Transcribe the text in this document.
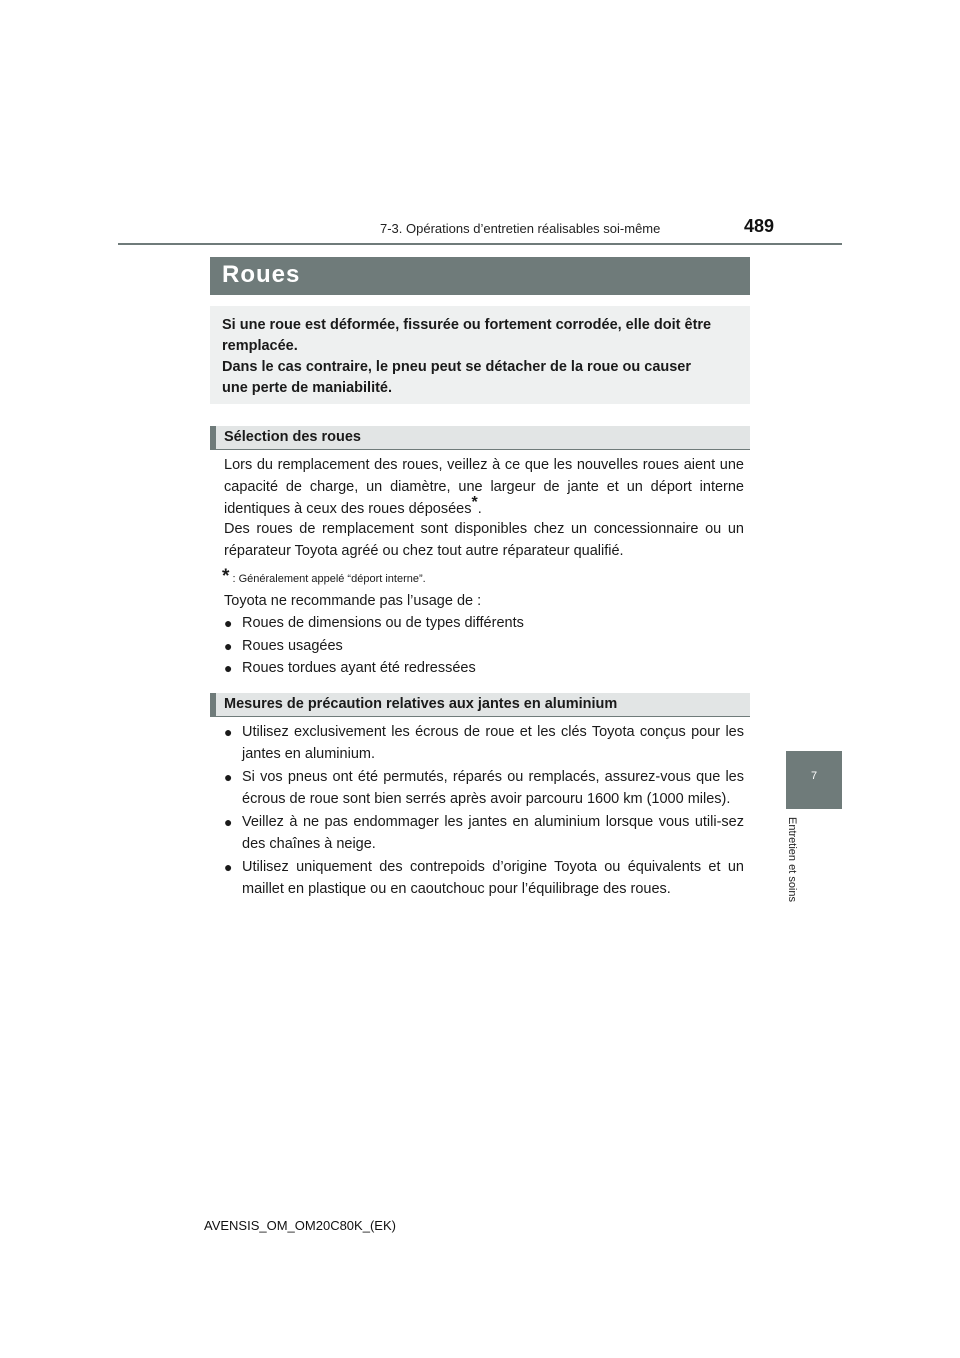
7-3. Opérations d’entretien réalisables soi-même	489
Roues
Si une roue est déformée, fissurée ou fortement corrodée, elle doit être
remplacée.
Dans le cas contraire, le pneu peut se détacher de la roue ou causer
une perte de maniabilité.
Sélection des roues
Lors du remplacement des roues, veillez à ce que les nouvelles roues aient une capacité de charge, un diamètre, une largeur de jante et un déport interne identiques à ceux des roues déposées*.
Des roues de remplacement sont disponibles chez un concessionnaire ou un réparateur Toyota agréé ou chez tout autre réparateur qualifié.
* : Généralement appelé “déport interne”.
Toyota ne recommande pas l’usage de :
● Roues de dimensions ou de types différents
● Roues usagées
● Roues tordues ayant été redressées
Mesures de précaution relatives aux jantes en aluminium
● Utilisez exclusivement les écrous de roue et les clés Toyota conçus pour les jantes en aluminium.
● Si vos pneus ont été permutés, réparés ou remplacés, assurez-vous que les écrous de roue sont bien serrés après avoir parcouru 1600 km (1000 miles).
● Veillez à ne pas endommager les jantes en aluminium lorsque vous utili-sez des chaînes à neige.
● Utilisez uniquement des contrepoids d’origine Toyota ou équivalents et un maillet en plastique ou en caoutchouc pour l’équilibrage des roues.
7
Entretien et soins
AVENSIS_OM_OM20C80K_(EK)
